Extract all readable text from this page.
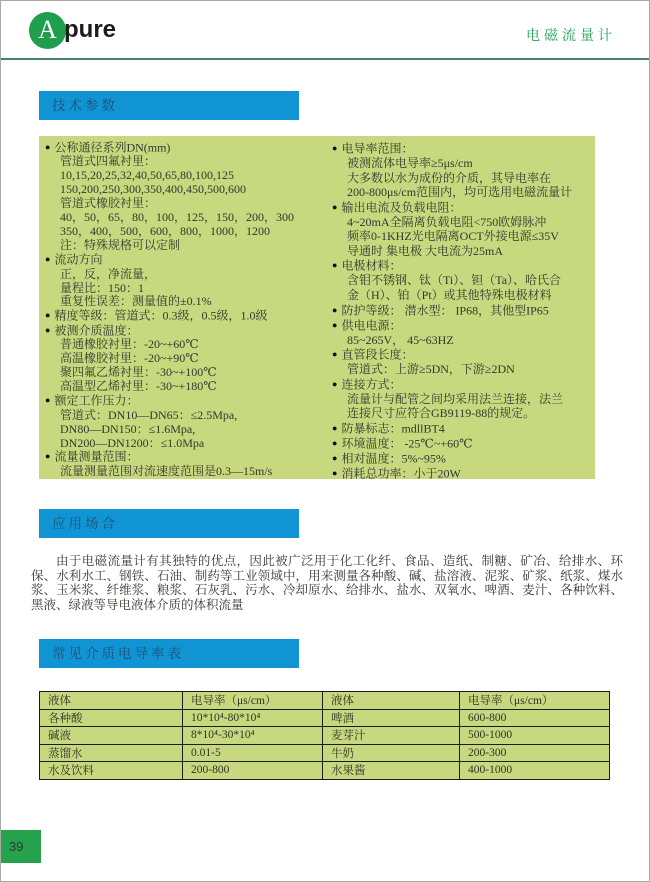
A pure	电磁流量计
技术参数
● 公称通径系列DN(mm)
管道式四氟衬里：
10,15,20,25,32,40,50,65,80,100,125
150,200,250,300,350,400,450,500,600
管道式橡胶衬里：
40，50，65，80，100，125，150，200，300
350，400，500，600，800，1000，1200
注：特殊规格可以定制
● 流动方向
正，反，净流量，
量程比：150：1
重复性误差：测量值的±0.1%
● 精度等级：管道式：0.3级，0.5级，1.0级
● 被测介质温度：
普通橡胶衬里：-20~+60℃
高温橡胶衬里：-20~+90℃
聚四氟乙烯衬里：-30~+100℃
高温型乙烯衬里：-30~+180℃
● 额定工作压力：
管道式：DN10—DN65：≤2.5Mpa,
DN80—DN150：≤1.6Mpa,
DN200—DN1200：≤1.0Mpa
● 流量测量范围：
流量测量范围对流速度范围是0.3—15m/s
● 电导率范围：
被测流体电导率≥5μs/cm
大多数以水为成份的介质，其导电率在
200-800μs/cm范围内，均可选用电磁流量计
● 输出电流及负载电阻：
4~20mA全隔离负载电阻<750欧姆脉冲
频率0-1KHZ光电隔离OCT外接电源≤35V
导通时 集电极 大电流为25mA
● 电极材料：
含钼不锈钢、钛（Ti）、钽（Ta）、哈氏合
金（H）、铂（Pt）或其他特殊电极材料
● 防护等级： 潜水型： IP68，其他型IP65
● 供电电源：
85~265V， 45~63HZ
● 直管段长度：
管道式：上游≥5DN，下游≥2DN
● 连接方式：
流量计与配管之间均采用法兰连接，法兰
连接尺寸应符合GB9119-88的规定。
● 防暴标志：mdllBT4
● 环境温度： -25℃~+60℃
● 相对温度：5%~95%
● 消耗总功率：小于20W
应用场合
由于电磁流量计有其独特的优点，因此被广泛用于化工化纤、食品、造纸、制糖、矿冶、给排水、环保、水利水工、钢铁、石油、制药等工业领域中，用来测量各种酸、碱、盐溶液、泥浆、矿浆、纸浆、煤水浆、玉米浆、纤维浆、粮浆、石灰乳、污水、冷却原水、给排水、盐水、双氧水、啤酒、麦汁、各种饮料、黑液、绿液等导电液体介质的体积流量
常见介质电导率表
液体	电导率（μs/cm）	液体	电导率（μs/cm）
各种酸	10*10⁴-80*10⁴	啤酒	600-800
碱液	8*10⁴-30*10⁴	麦芽汁	500-1000
蒸馏水	0.01-5	牛奶	200-300
水及饮料	200-800	水果酱	400-1000
39
